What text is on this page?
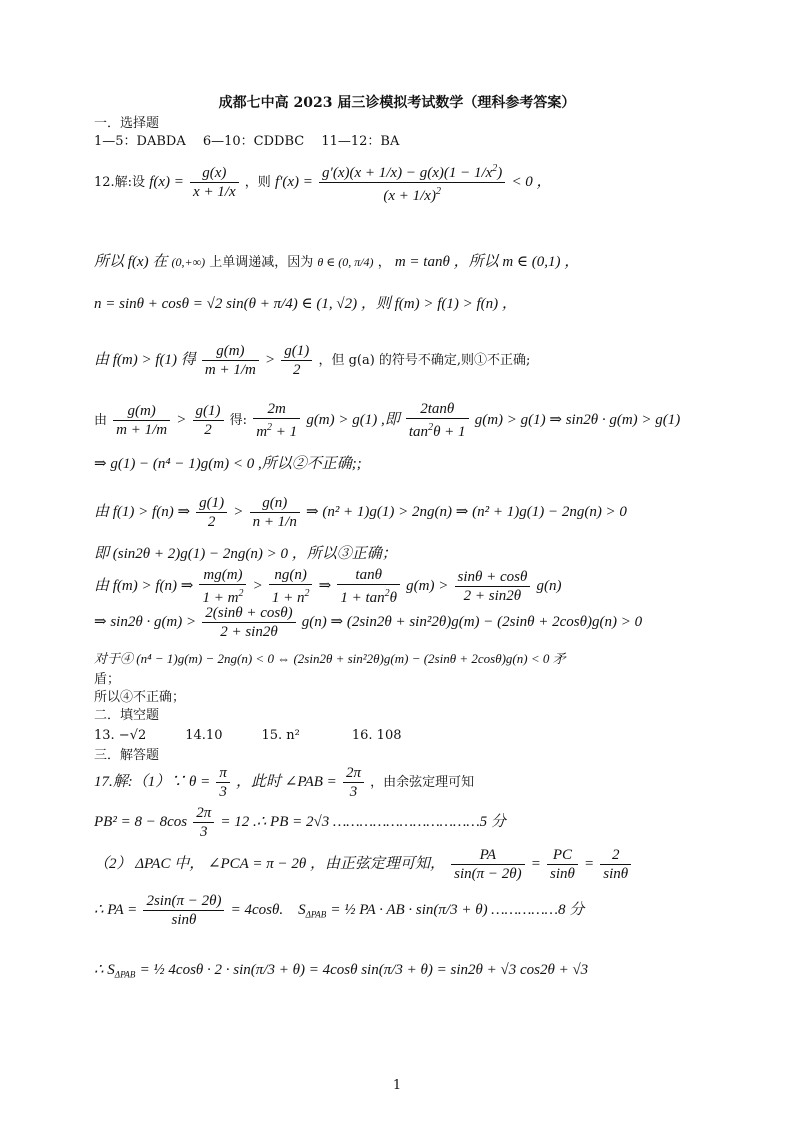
成都七中高 2023 届三诊模拟考试数学（理科参考答案）
一．选择题
1—5：DABDA　 6—10：CDDBC　 11—12：BA
12.解:设 $f(x) = \frac{g(x)}{x + 1/x}$ ，则 $f'(x) = \frac{g'(x)(x + 1/x) - g(x)(1 - 1/x^2)}{(x + 1/x)^2} < 0$ ，
所以 f(x) 在 (0,+∞) 上单调递减，因为 θ ∈ (0, π/4) ， m = tanθ ，所以 m ∈ (0,1) ，
n = sinθ + cosθ = √2 sin(θ + π/4) ∈ (1, √2) ，则 f(m) > f(1) > f(n) ，
由 f(m) > f(1) 得 $\frac{g(m)}{m + 1/m} > \frac{g(1)}{2}$ ，但 g(a) 的符号不确定,则①不正确;
由 $\frac{g(m)}{m + 1/m} > \frac{g(1)}{2}$ 得: $\frac{2m}{m^2 + 1} g(m) > g(1)$ ,即 $\frac{2\tan\theta}{\tan^2\theta + 1} g(m) > g(1)$ ⇒ sin2θ · g(m) > g(1)
⇒ g(1) − (n⁴ − 1)g(m) < 0 ,所以②不正确;;
由 f(1) > f(n) ⇒ $\frac{g(1)}{2} > \frac{g(n)}{n + 1/n}$ ⇒ (n² + 1)g(1) > 2ng(n) ⇒ (n² + 1)g(1) − 2ng(n) > 0
即 (sin2θ + 2)g(1) − 2ng(n) > 0 ，所以③正确；
由 f(m) > f(n) ⇒ $\frac{mg(m)}{1 + m^2} > \frac{ng(n)}{1 + n^2}$ ⇒ $\frac{\tan\theta}{1 + \tan^2\theta} g(m) > \frac{\sin\theta + \cos\theta}{2 + \sin 2\theta} g(n)$
⇒ $\sin 2\theta \cdot g(m) > \frac{2(\sin\theta + \cos\theta)}{2 + \sin 2\theta} g(n)$ ⇒ (2sin2θ + sin²2θ)g(m) − (2sinθ + 2cosθ)g(n) > 0
对于④ (n⁴ − 1)g(m) − 2ng(n) < 0 ⇔ (2sin2θ + sin²2θ)g(m) − (2sinθ + 2cosθ)g(n) < 0 矛
盾；
所以④不正确；
二．填空题
13. −√2　　　14.10　　　15. n²　　　　16. 108
三．解答题
17.解:（1）∵ $\theta = \frac{\pi}{3}$ ，此时 ∠PAB = $\frac{2\pi}{3}$ ，由余弦定理可知
$PB^2 = 8 - 8\cos \frac{2\pi}{3} = 12$ .∴ PB = 2√3 ……………………………5 分
（2） ΔPAC 中， ∠PCA = π − 2θ ，由正弦定理可知， $\frac{PA}{\sin(\pi - 2\theta)} = \frac{PC}{\sin\theta} = \frac{2}{\sin\theta}$
∴ PA = $\frac{2\sin(\pi - 2\theta)}{\sin\theta} = 4\cos\theta$.　$S_{\Delta PAB}$ = ½ PA · AB · sin(π/3 + θ) ……………8 分
∴ $S_{\Delta PAB}$ = ½ 4cosθ · 2 · sin(π/3 + θ) = 4cosθ sin(π/3 + θ) = sin2θ + √3 cos2θ + √3
1
